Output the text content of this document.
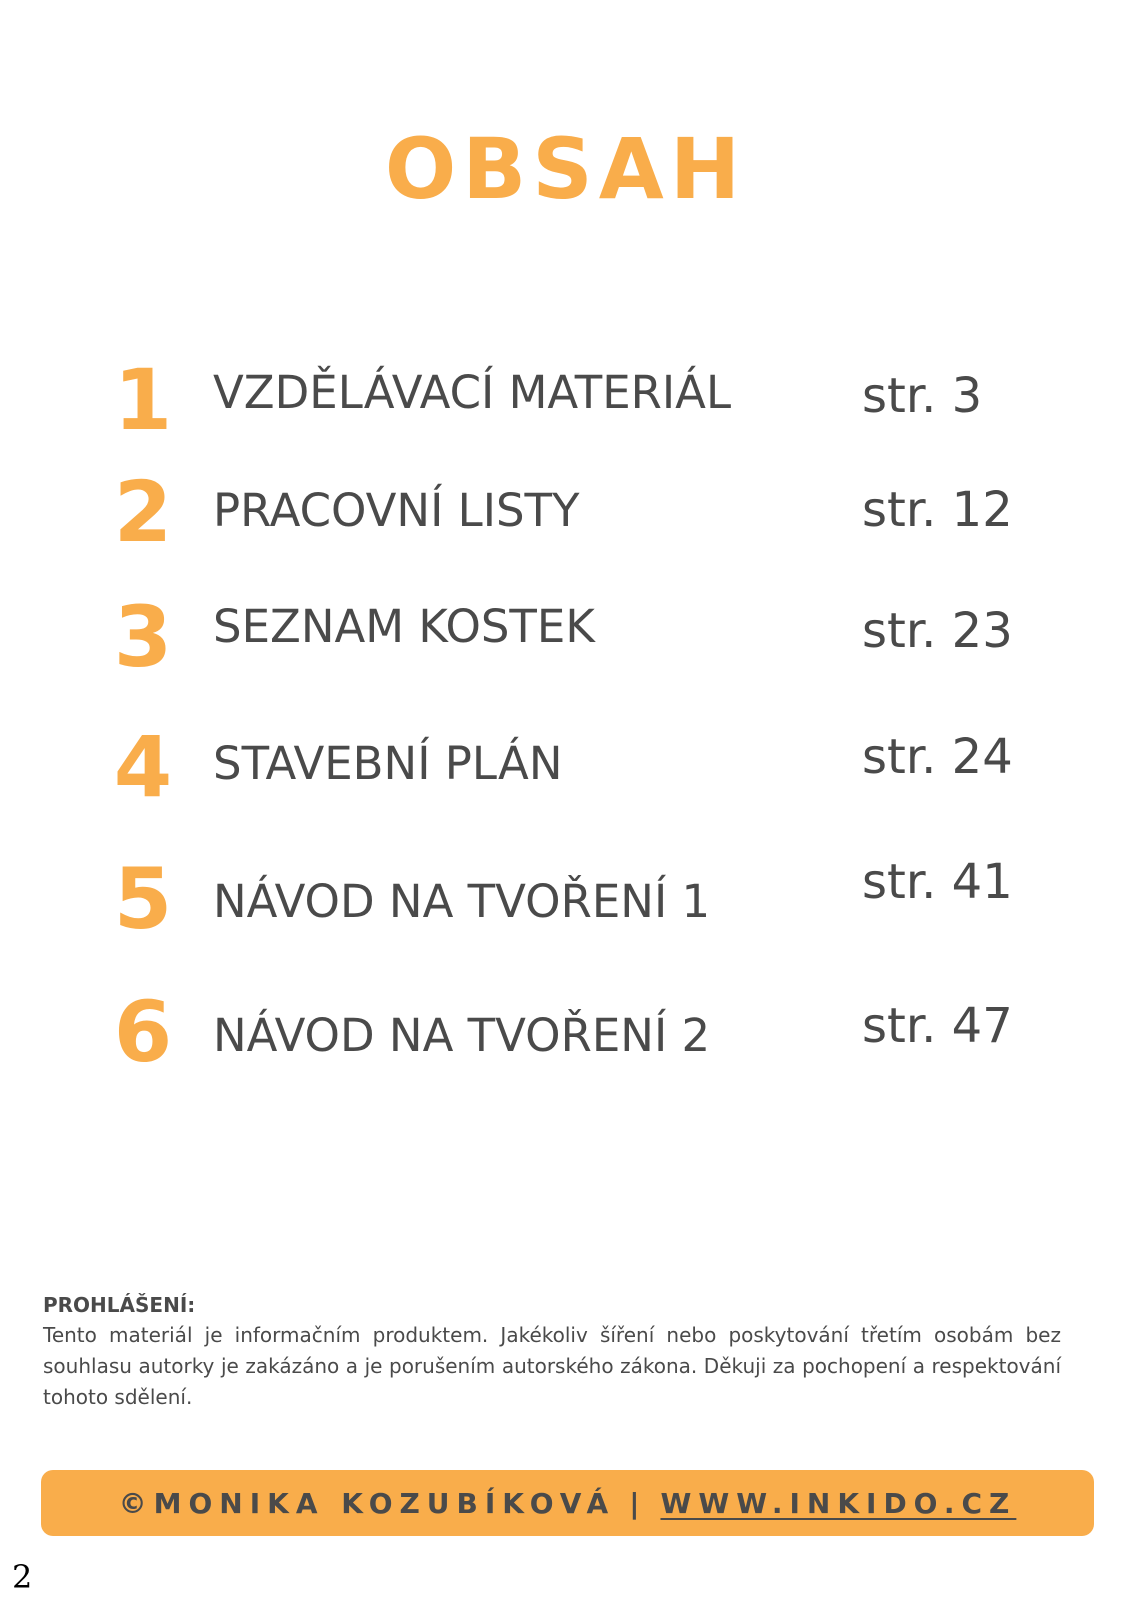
OBSAH
1 VZDĚLÁVACÍ MATERIÁL	str. 3
2 PRACOVNÍ LISTY	str. 12
3 SEZNAM KOSTEK	str. 23
4 STAVEBNÍ PLÁN	str. 24
5 NÁVOD NA TVOŘENÍ 1	str. 41
6 NÁVOD NA TVOŘENÍ 2	str. 47
PROHLÁŠENÍ:
Tento materiál je informačním produktem. Jakékoliv šíření nebo poskytování třetím osobám bez souhlasu autorky je zakázáno a je porušením autorského zákona. Děkuji za pochopení a respektování tohoto sdělení.
©MONIKA KOZUBÍKOVÁ | WWW.INKIDO.CZ
2
